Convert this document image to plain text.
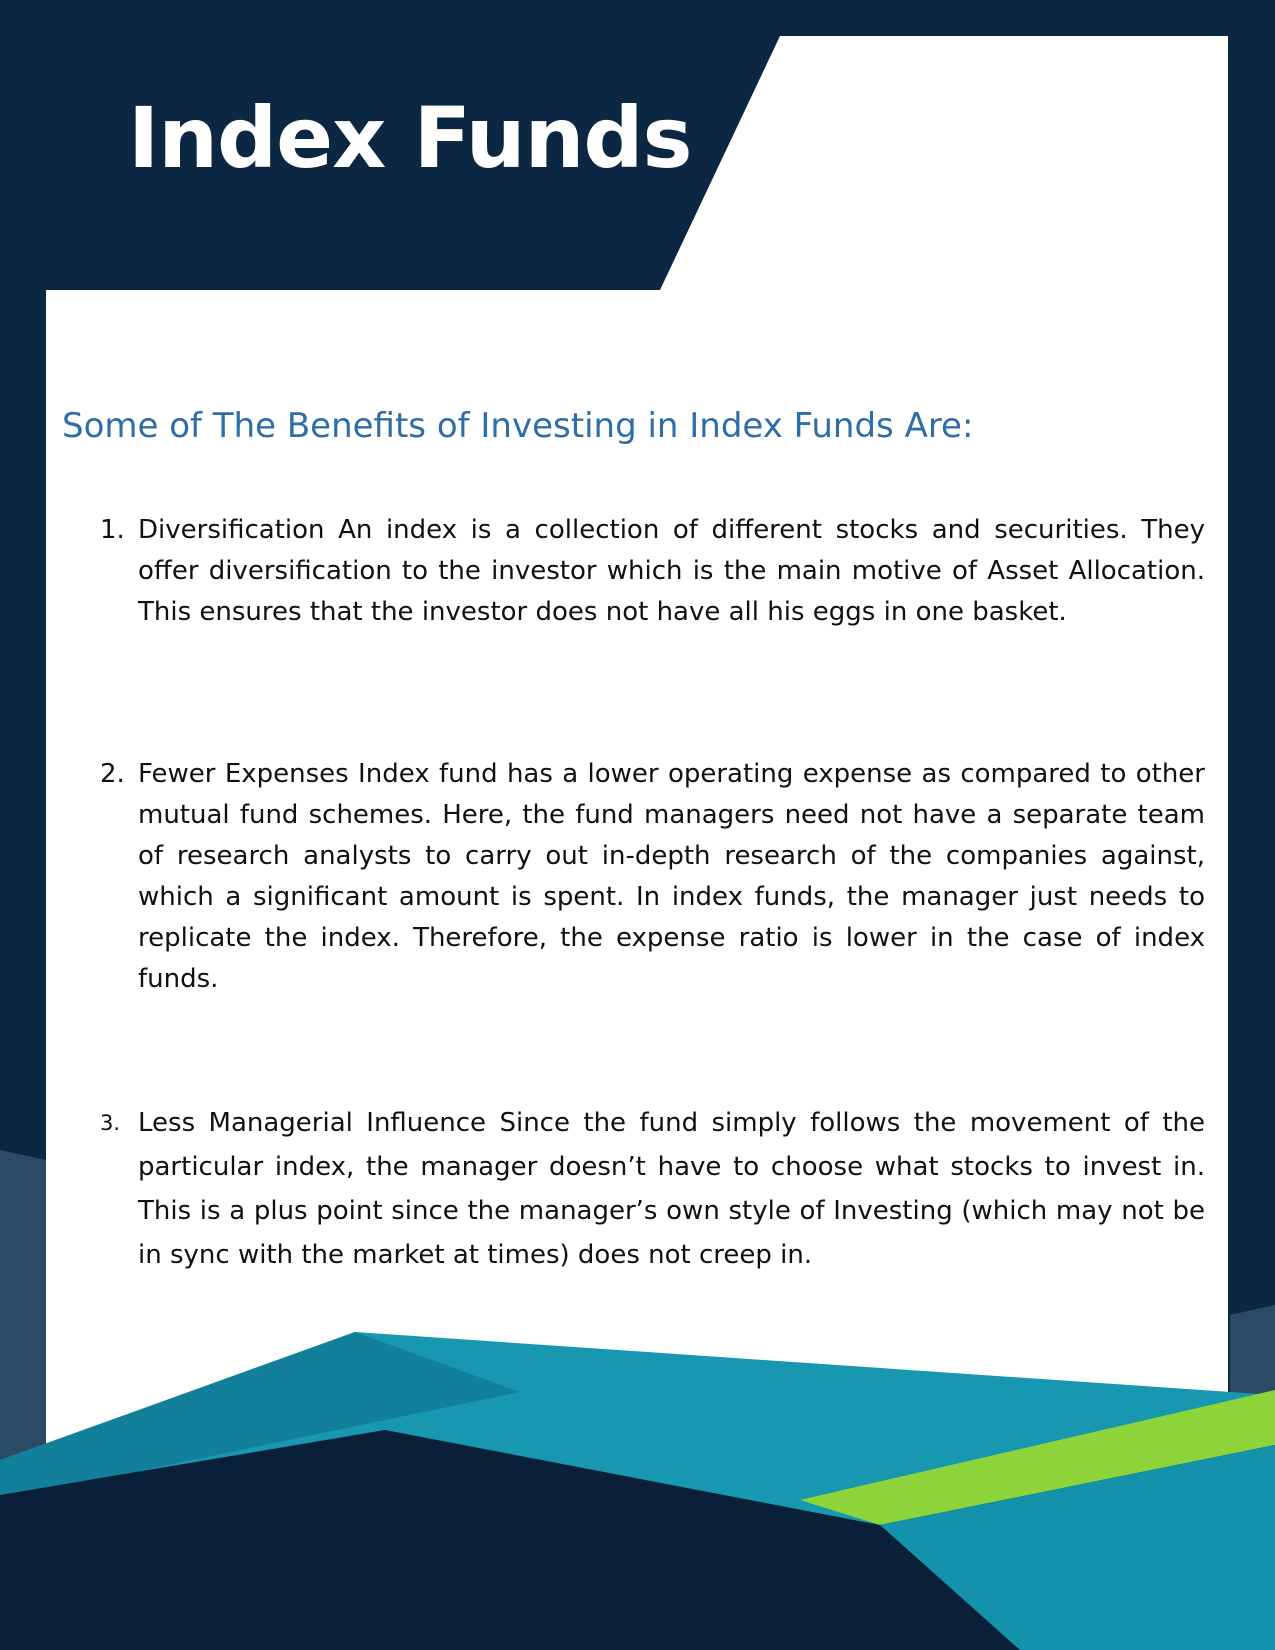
Index Funds
Some of The Benefits of Investing in Index Funds Are:
1. Diversification An index is a collection of different stocks and securities. They offer diversification to the investor which is the main motive of Asset Allocation. This ensures that the investor does not have all his eggs in one basket.
2. Fewer Expenses Index fund has a lower operating expense as compared to other mutual fund schemes. Here, the fund managers need not have a separate team of research analysts to carry out in-depth research of the companies against, which a significant amount is spent. In index funds, the manager just needs to replicate the index. Therefore, the expense ratio is lower in the case of index funds.
3. Less Managerial Influence Since the fund simply follows the movement of the particular index, the manager doesn’t have to choose what stocks to invest in. This is a plus point since the manager’s own style of Investing (which may not be in sync with the market at times) does not creep in.
